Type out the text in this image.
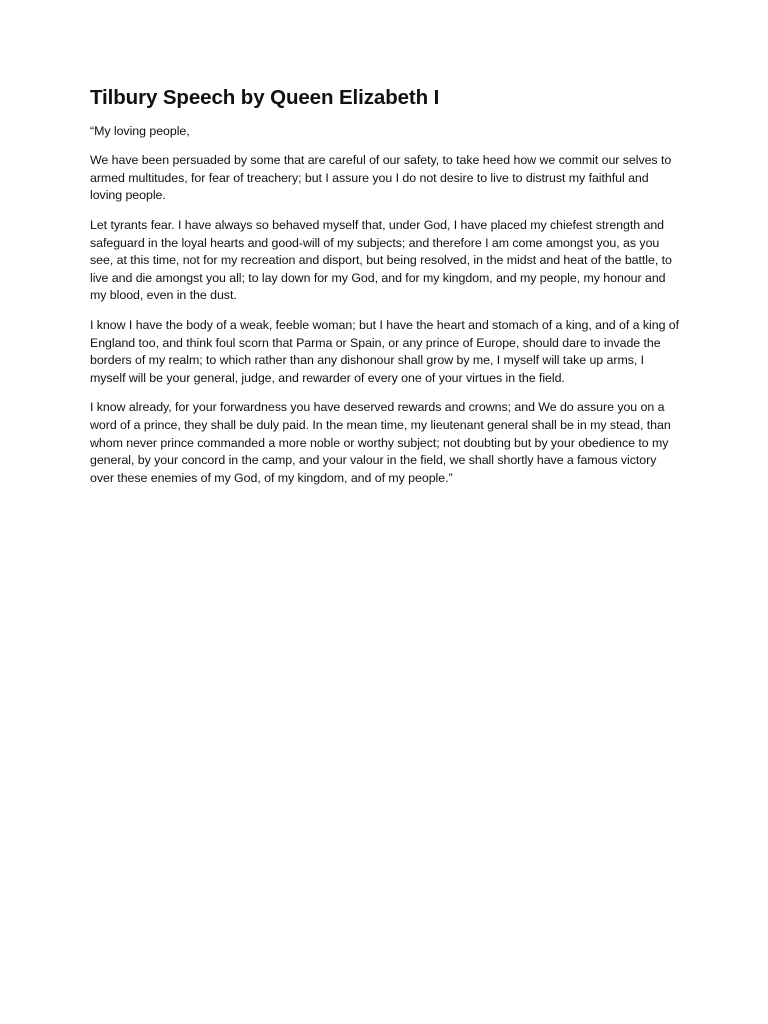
Tilbury Speech by Queen Elizabeth I

“My loving people,

We have been persuaded by some that are careful of our safety, to take heed how we commit our selves to armed multitudes, for fear of treachery; but I assure you I do not desire to live to distrust my faithful and loving people.

Let tyrants fear. I have always so behaved myself that, under God, I have placed my chiefest strength and safeguard in the loyal hearts and good-will of my subjects; and therefore I am come amongst you, as you see, at this time, not for my recreation and disport, but being resolved, in the midst and heat of the battle, to live and die amongst you all; to lay down for my God, and for my kingdom, and my people, my honour and my blood, even in the dust.

I know I have the body of a weak, feeble woman; but I have the heart and stomach of a king, and of a king of England too, and think foul scorn that Parma or Spain, or any prince of Europe, should dare to invade the borders of my realm; to which rather than any dishonour shall grow by me, I myself will take up arms, I myself will be your general, judge, and rewarder of every one of your virtues in the field.

I know already, for your forwardness you have deserved rewards and crowns; and We do assure you on a word of a prince, they shall be duly paid. In the mean time, my lieutenant general shall be in my stead, than whom never prince commanded a more noble or worthy subject; not doubting but by your obedience to my general, by your concord in the camp, and your valour in the field, we shall shortly have a famous victory over these enemies of my God, of my kingdom, and of my people.”
